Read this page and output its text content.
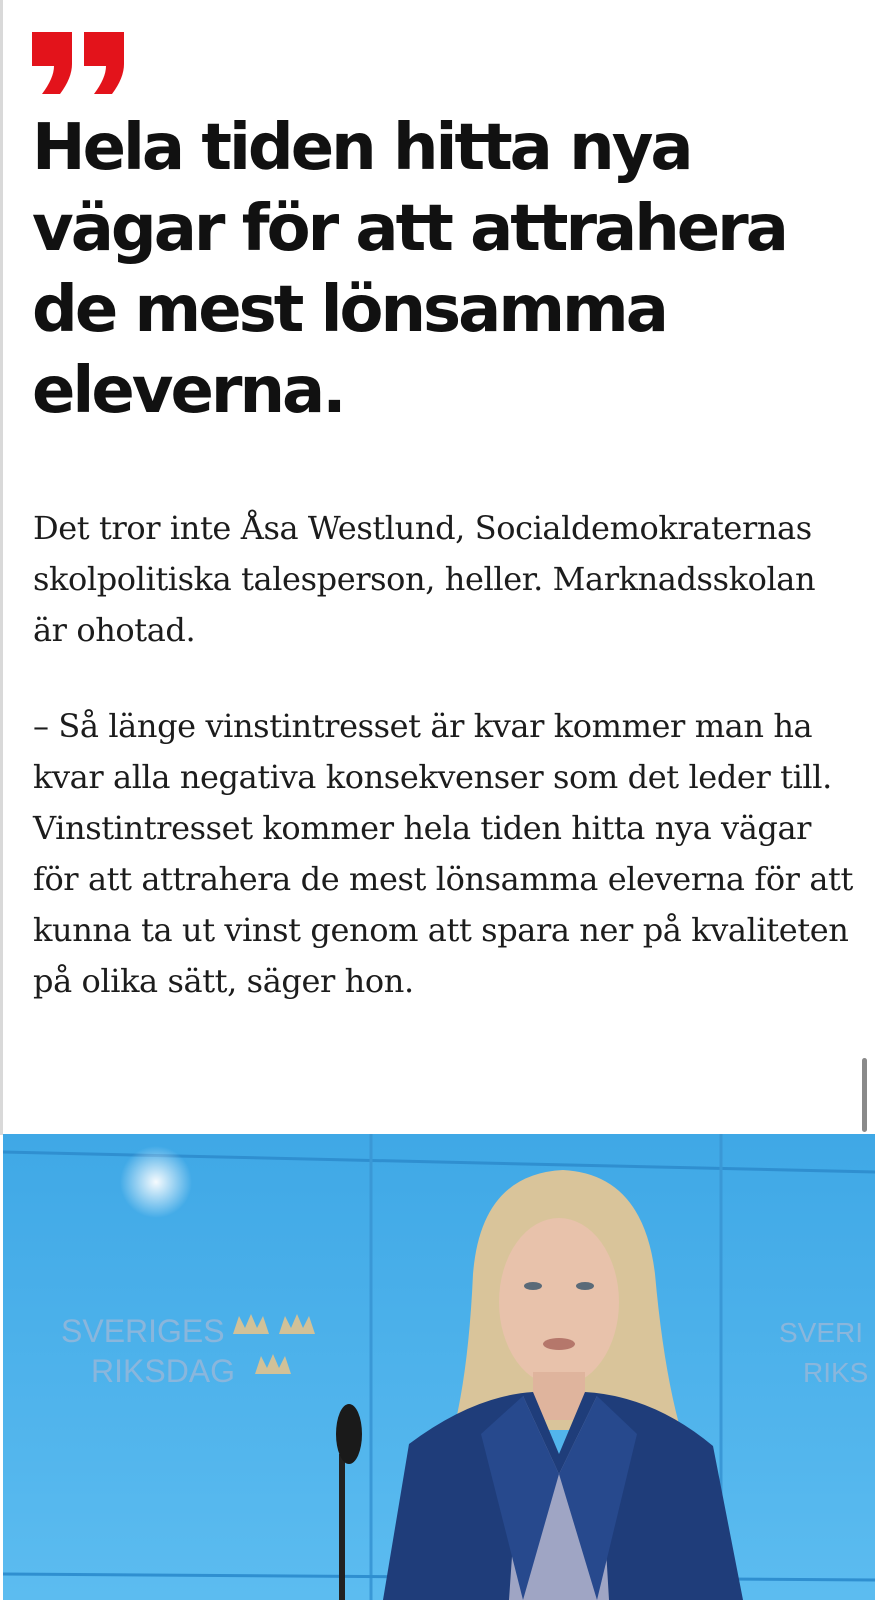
Hela tiden hitta nya vägar för att attrahera de mest lönsamma eleverna.

Det tror inte Åsa Westlund, Socialdemokraternas skolpolitiska talesperson, heller. Marknadsskolan är ohotad.

– Så länge vinstintresset är kvar kommer man ha kvar alla negativa konsekvenser som det leder till. Vinstintresset kommer hela tiden hitta nya vägar för att attrahera de mest lönsamma eleverna för att kunna ta ut vinst genom att spara ner på kvaliteten på olika sätt, säger hon.

SVERIGES
RIKSDAG
SVERI
RIKS
